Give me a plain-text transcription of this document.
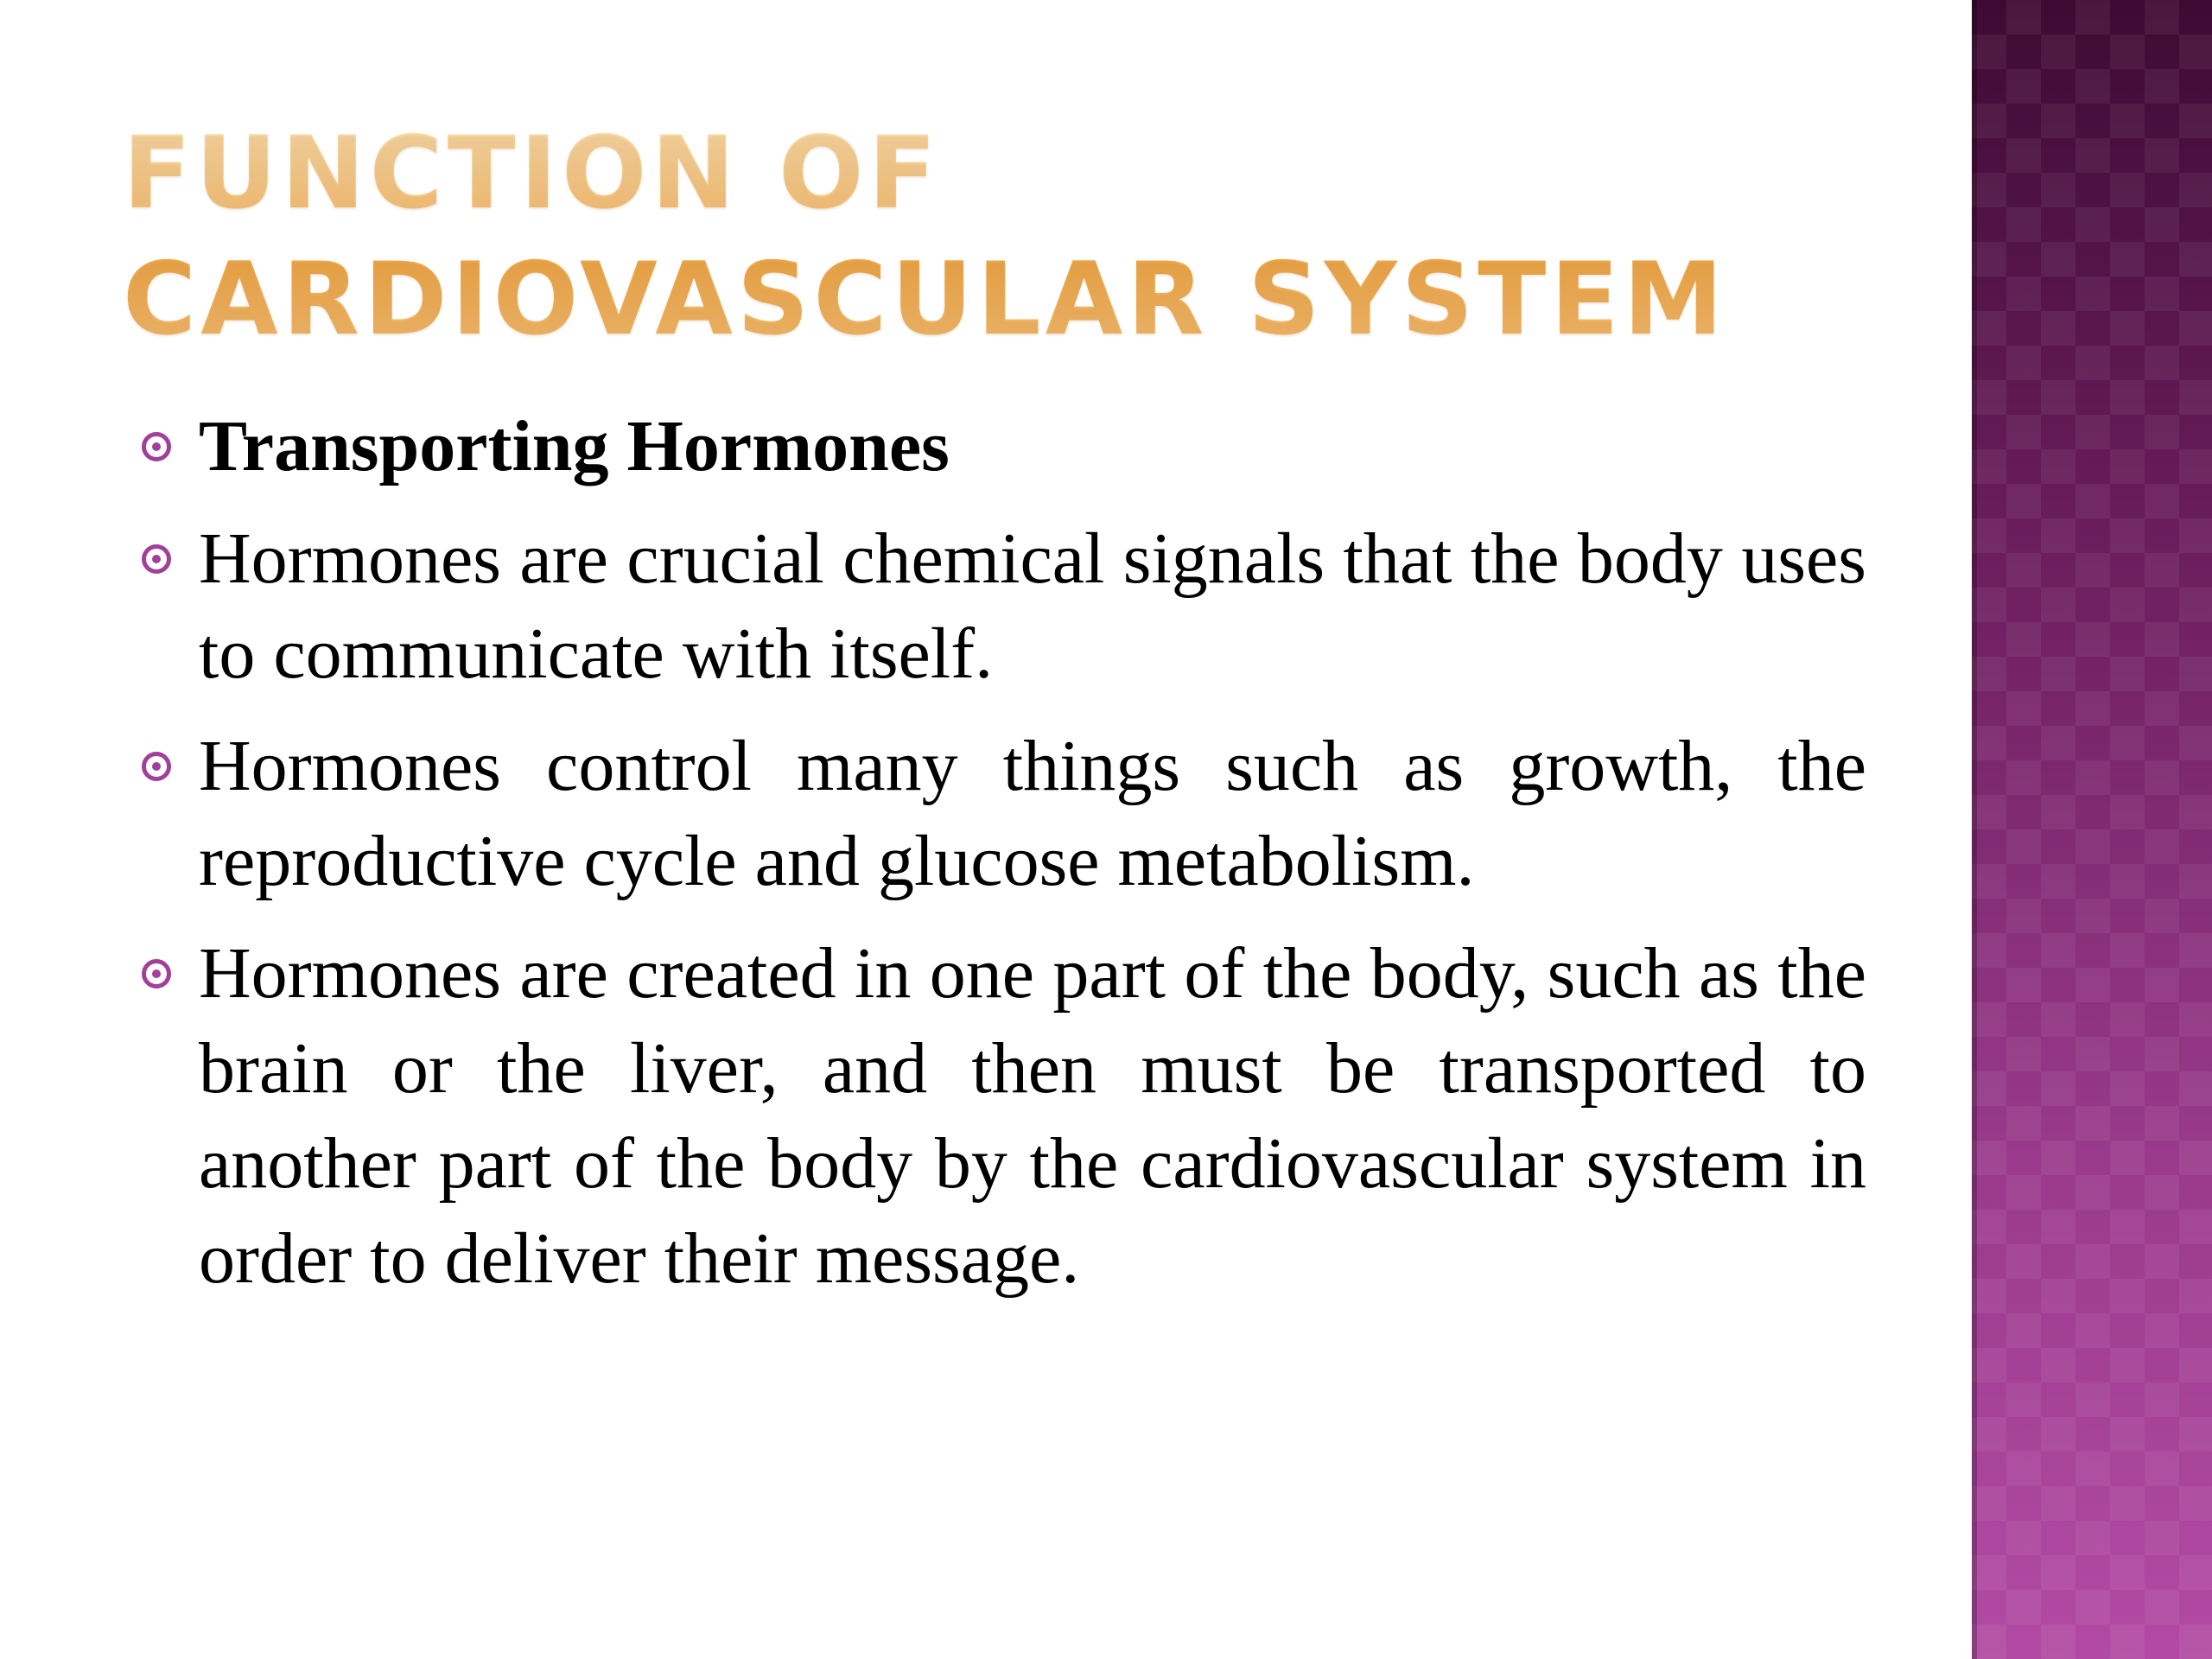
FUNCTION OF CARDIOVASCULAR SYSTEM
Transporting Hormones
Hormones are crucial chemical signals that the body uses to communicate with itself.
Hormones control many things such as growth, the reproductive cycle and glucose metabolism.
Hormones are created in one part of the body, such as the brain or the liver, and then must be transported to another part of the body by the cardiovascular system in order to deliver their message.
